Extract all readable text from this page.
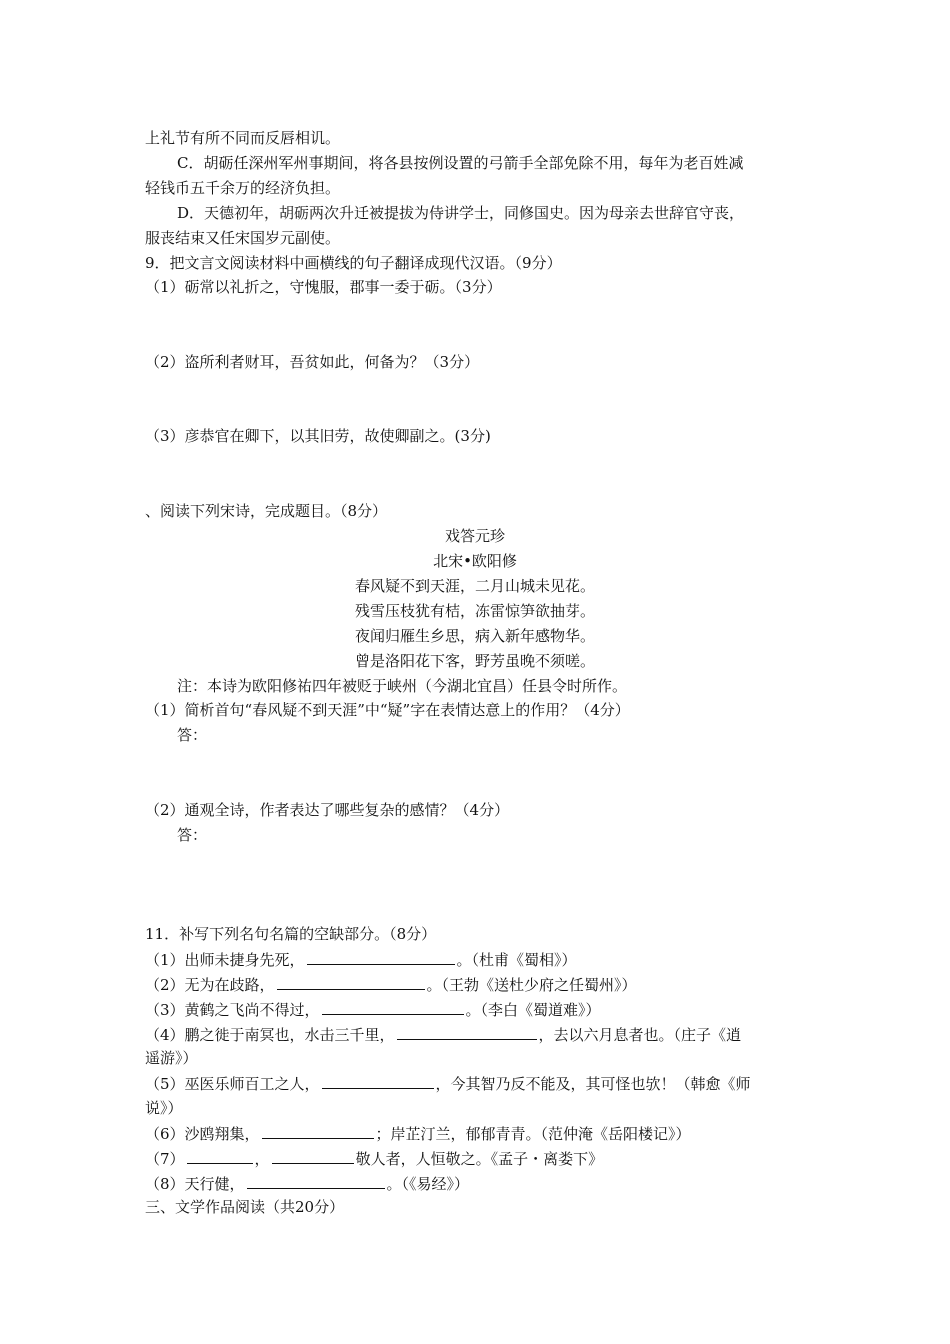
上礼节有所不同而反唇相讥。
C．胡砺任深州军州事期间，将各县按例设置的弓箭手全部免除不用，每年为老百姓减
轻钱币五千余万的经济负担。
D．天德初年，胡砺两次升迁被提拔为侍讲学士，同修国史。因为母亲去世辞官守丧，
服丧结束又任宋国岁元副使。
9．把文言文阅读材料中画横线的句子翻译成现代汉语。（9分）
（1）砺常以礼折之，守愧服，郡事一委于砺。（3分）
（2）盗所利者财耳，吾贫如此，何备为？（3分）
（3）彦恭官在卿下，以其旧劳，故使卿副之。(3分)
、阅读下列宋诗，完成题目。（8分）
戏答元珍
北宋•欧阳修
春风疑不到天涯，二月山城未见花。
残雪压枝犹有桔，冻雷惊笋欲抽芽。
夜闻归雁生乡思，病入新年感物华。
曾是洛阳花下客，野芳虽晚不须嗟。
注：本诗为欧阳修祐四年被贬于峡州（今湖北宜昌）任县令时所作。
（1）简析首句“春风疑不到天涯”中“疑”字在表情达意上的作用？（4分）
答：
（2）通观全诗，作者表达了哪些复杂的感情？（4分）
答：
11．补写下列名句名篇的空缺部分。（8分）
（1）出师未捷身先死，	。（杜甫《蜀相》）
（2）无为在歧路，	。（王勃《送杜少府之任蜀州》）
（3）黄鹤之飞尚不得过，	。（李白《蜀道难》）
（4）鹏之徙于南冥也，水击三千里，	，去以六月息者也。（庄子《逍
遥游》）
（5）巫医乐师百工之人，	，今其智乃反不能及，其可怪也欤！（韩愈《师
说》）
（6）沙鸥翔集，	；岸芷汀兰，郁郁青青。（范仲淹《岳阳楼记》）
（7）	，	敬人者，人恒敬之。《孟子・离娄下》
（8）天行健，	。（《易经》）
三、文学作品阅读（共20分）
